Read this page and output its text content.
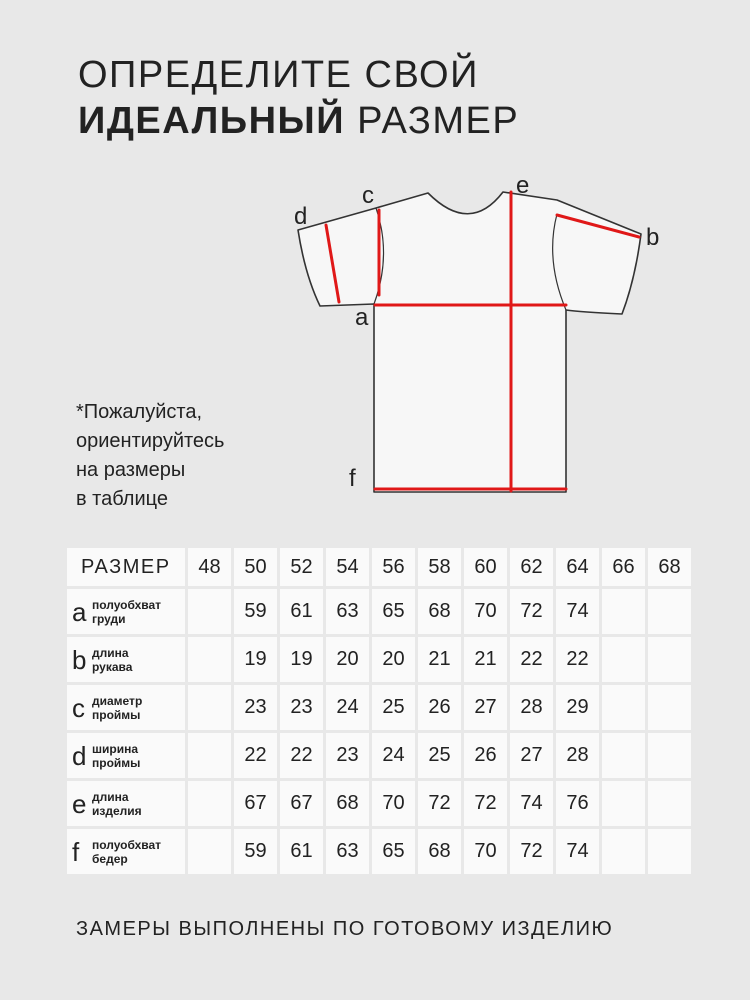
ОПРЕДЕЛИТЕ СВОЙ
ИДЕАЛЬНЫЙ РАЗМЕР
d
c	e
b
a
f
*Пожалуйста,
ориентируйтесь
на размеры
в таблице
РАЗМЕР	48	50	52	54	56	58	60	62	64	66	68

a полуобхват
груди		59	61	63	65	68	70	72	74		

b длина
рукава		19	19	20	20	21	21	22	22		

c диаметр
проймы		23	23	24	25	26	27	28	29		

d ширина
проймы		22	22	23	24	25	26	27	28		

e длина
изделия		67	67	68	70	72	72	74	76		

f полуобхват
бедер		59	61	63	65	68	70	72	74		
ЗАМЕРЫ ВЫПОЛНЕНЫ ПО ГОТОВОМУ ИЗДЕЛИЮ
